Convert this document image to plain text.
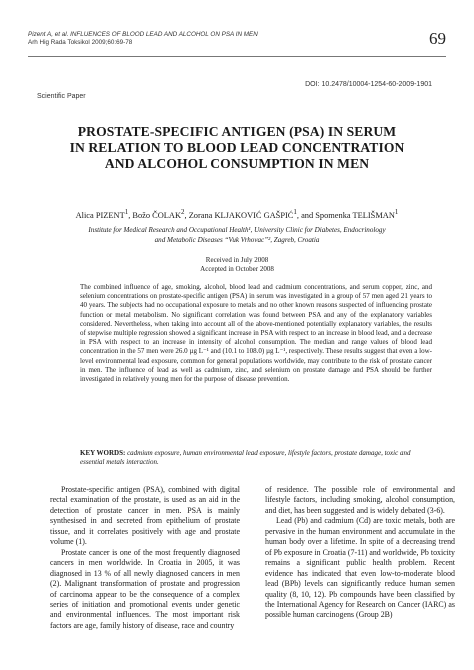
Pizent A, et al. INFLUENCES OF BLOOD LEAD AND ALCOHOL ON PSA IN MEN
Arh Hig Rada Toksikol 2009;60:69-78	69
DOI: 10.2478/10004-1254-60-2009-1901
Scientific Paper
PROSTATE-SPECIFIC ANTIGEN (PSA) IN SERUM
IN RELATION TO BLOOD LEAD CONCENTRATION
AND ALCOHOL CONSUMPTION IN MEN
Alica PIZENT$^1$, Božo ČOLAK$^2$, Zorana KLJAKOVIĆ GAŠPIĆ$^1$, and Spomenka TELIŠMAN$^1$
Institute for Medical Research and Occupational Health¹, University Clinic for Diabetes, Endocrinology
and Metabolic Diseases “Vuk Vrhovac”², Zagreb, Croatia
Received in July 2008
Accepted in October 2008

The combined influence of age, smoking, alcohol, blood lead and cadmium concentrations, and serum copper, zinc, and selenium concentrations on prostate-specific antigen (PSA) in serum was investigated in a group of 57 men aged 21 years to 40 years. The subjects had no occupational exposure to metals and no other known reasons suspected of influencing prostate function or metal metabolism. No significant correlation was found between PSA and any of the explanatory variables considered. Nevertheless, when taking into account all of the above-mentioned potentially explanatory variables, the results of stepwise multiple regression showed a significant increase in PSA with respect to an increase in blood lead, and a decrease in PSA with respect to an increase in intensity of alcohol consumption. The median and range values of blood lead concentration in the 57 men were 26.0 µg L⁻¹ and (10.1 to 108.0) µg L⁻¹, respectively. These results suggest that even a low-level environmental lead exposure, common for general populations worldwide, may contribute to the risk of prostate cancer in men. The influence of lead as well as cadmium, zinc, and selenium on prostate damage and PSA should be further investigated in relatively young men for the purpose of disease prevention.

KEY WORDS: cadmium exposure, human environmental lead exposure, lifestyle factors, prostate damage, toxic and essential metals interaction.

Prostate-specific antigen (PSA), combined with digital rectal examination of the prostate, is used as an aid in the detection of prostate cancer in men. PSA is mainly synthesised in and secreted from epithelium of prostate tissue, and it correlates positively with age and prostate volume (1).

Prostate cancer is one of the most frequently diagnosed cancers in men worldwide. In Croatia in 2005, it was diagnosed in 13 % of all newly diagnosed cancers in men (2). Malignant transformation of prostate and progression of carcinoma appear to be the consequence of a complex series of initiation and promotional events under genetic and environmental influences. The most important risk factors are age, family history of disease, race and country

of residence. The possible role of environmental and lifestyle factors, including smoking, alcohol consumption, and diet, has been suggested and is widely debated (3-6).

Lead (Pb) and cadmium (Cd) are toxic metals, both are pervasive in the human environment and accumulate in the human body over a lifetime. In spite of a decreasing trend of Pb exposure in Croatia (7-11) and worldwide, Pb toxicity remains a significant public health problem. Recent evidence has indicated that even low-to-moderate blood lead (BPb) levels can significantly reduce human semen quality (8, 10, 12). Pb compounds have been classified by the International Agency for Research on Cancer (IARC) as possible human carcinogens (Group 2B)
